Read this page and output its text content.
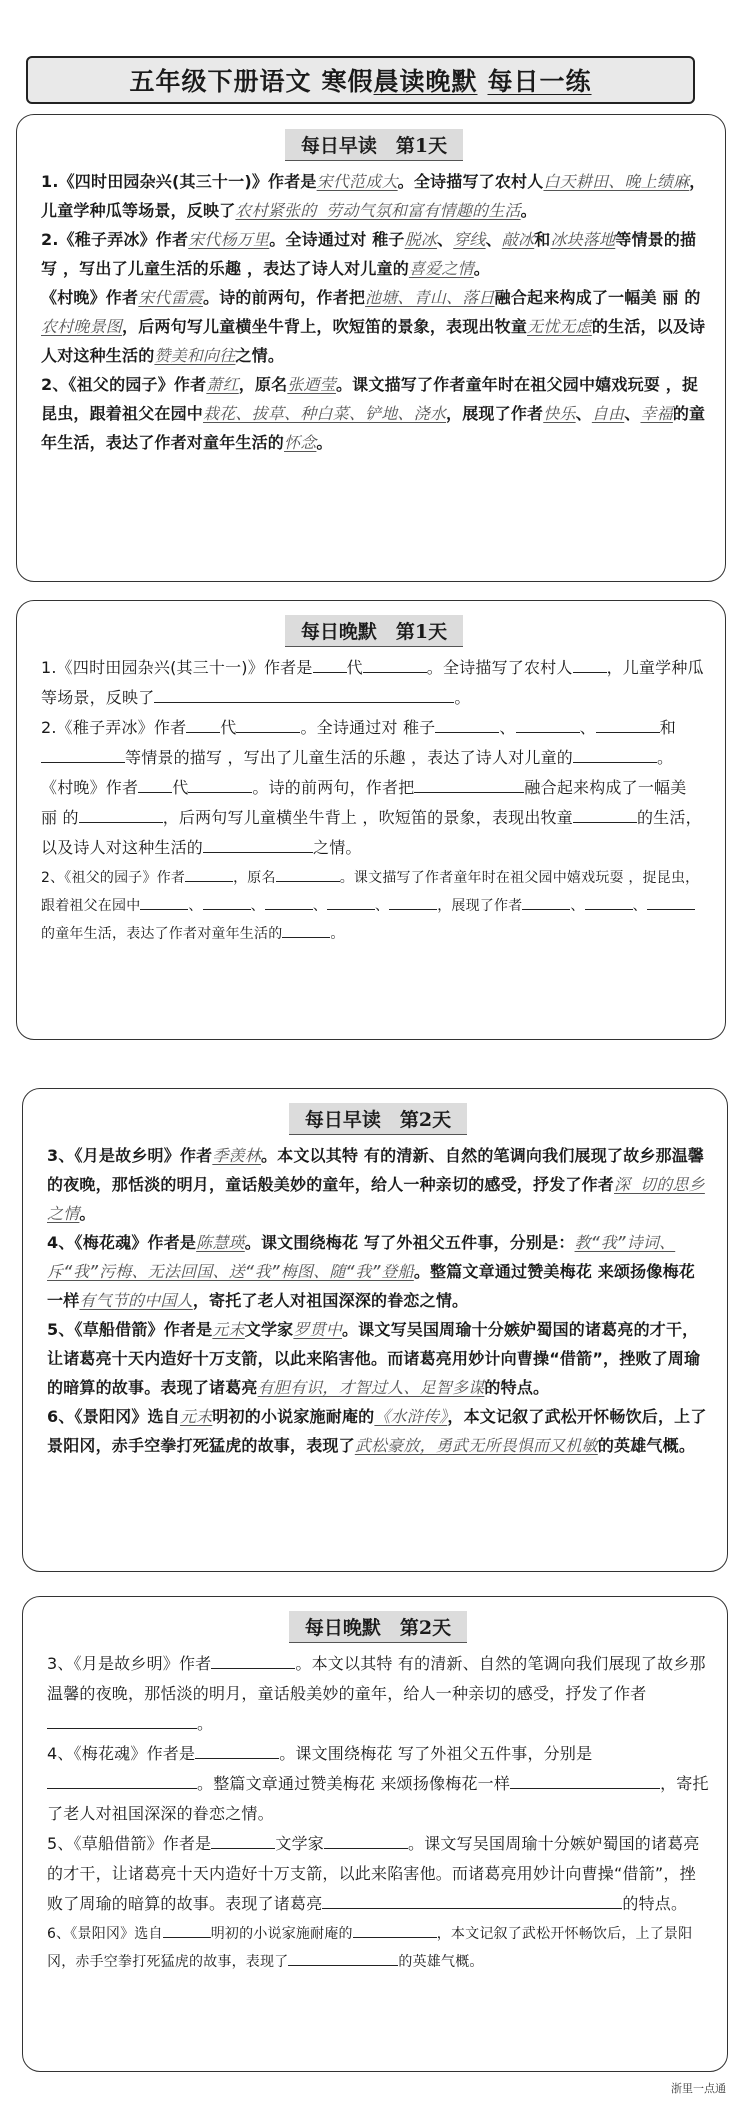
五年级下册语文 寒假 晨读晚默 每日一练
每日早读　第1天

1.《四时田园杂兴(其三十一)》作者是宋代范成大。全诗描写了农村人白天耕田、晚上绩麻，儿童学种瓜等场景，反映了农村紧张的 劳动气氛和富有情趣的生活。

2.《稚子弄冰》作者宋代杨万里。全诗通过对 稚子脱冰、穿线、敲冰和冰块落地等情景的描写 ，写出了儿童生活的乐趣 ，表达了诗人对儿童的喜爱之情。

《村晚》作者宋代雷震。诗的前两句，作者把池塘、青山、落日融合起来构成了一幅美 丽 的农村晚景图，后两句写儿童横坐牛背上，吹短笛的景象，表现出牧童无忧无虑的生活，以及诗人对这种生活的赞美和向往之情。

2、《祖父的园子》作者萧红，原名张迺莹。课文描写了作者童年时在祖父园中嬉戏玩耍 ，捉昆虫，跟着祖父在园中栽花、拔草、种白菜、铲地、浇水，展现了作者快乐、自由、幸福的童年生活，表达了作者对童年生活的怀念。

每日晚默　第1天

1.《四时田园杂兴(其三十一)》作者是 代	。全诗描写了农村人 ，儿童学种瓜等场景，反映了	。

2.《稚子弄冰》作者 代	。全诗通过对 稚子	、	、	和等情景的描写 ，写出了儿童生活的乐趣 ，表达了诗人对儿童的	。

《村晚》作者 代	。诗的前两句，作者把	融合起来构成了一幅美 丽 的	，后两句写儿童横坐牛背上 ，吹短笛的景象，表现出牧童	的生活，以及诗人对这种生活的	之情。

2、《祖父的园子》作者	，原名	。课文描写了作者童年时在祖父园中嬉戏玩耍 ，捉昆虫，跟着祖父在园中	、	、	、	、	，展现了作者	、	、的童年生活，表达了作者对童年生活的	。

每日早读　第2天

3、《月是故乡明》作者季羡林。本文以其特 有的清新、自然的笔调向我们展现了故乡那温馨的夜晚，那恬淡的明月，童话般美妙的童年，给人一种亲切的感受，抒发了作者深 切的思乡之情。

4、《梅花魂》作者是陈慧瑛。课文围绕梅花 写了外祖父五件事，分别是：教“我”诗词、斥“我”污梅、无法回国、送“我”梅图、随“我”登船。整篇文章通过赞美梅花 来颂扬像梅花一样有气节的中国人，寄托了老人对祖国深深的眷恋之情。

5、《草船借箭》作者是元末文学家罗贯中。课文写吴国周瑜十分嫉妒蜀国的诸葛亮的才干，让诸葛亮十天内造好十万支箭，以此来陷害他。而诸葛亮用妙计向曹操“借箭”，挫败了周瑜的暗算的故事。表现了诸葛亮有胆有识，才智过人、足智多谋的特点。

6、《景阳冈》选自元末明初的小说家施耐庵的《水浒传》，本文记叙了武松开怀畅饮后，上了景阳冈，赤手空拳打死猛虎的故事，表现了武松豪放，勇武无所畏惧而又机敏的英雄气概。

每日晚默　第2天

3、《月是故乡明》作者	。本文以其特 有的清新、自然的笔调向我们展现了故乡那温馨的夜晚，那恬淡的明月，童话般美妙的童年，给人一种亲切的感受，抒发了作者。

4、《梅花魂》作者是	。课文围绕梅花 写了外祖父五件事，分别是。整篇文章通过赞美梅花 来颂扬像梅花一样	，寄托了老人对祖国深深的眷恋之情。

5、《草船借箭》作者是	文学家	。课文写吴国周瑜十分嫉妒蜀国的诸葛亮的才干，让诸葛亮十天内造好十万支箭，以此来陷害他。而诸葛亮用妙计向曹操“借箭”，挫败了周瑜的暗算的故事。表现了诸葛亮	的特点。

6、《景阳冈》选自	明初的小说家施耐庵的	，本文记叙了武松开怀畅饮后，上了景阳冈，赤手空拳打死猛虎的故事，表现了	的英雄气概。

浙里一点通
